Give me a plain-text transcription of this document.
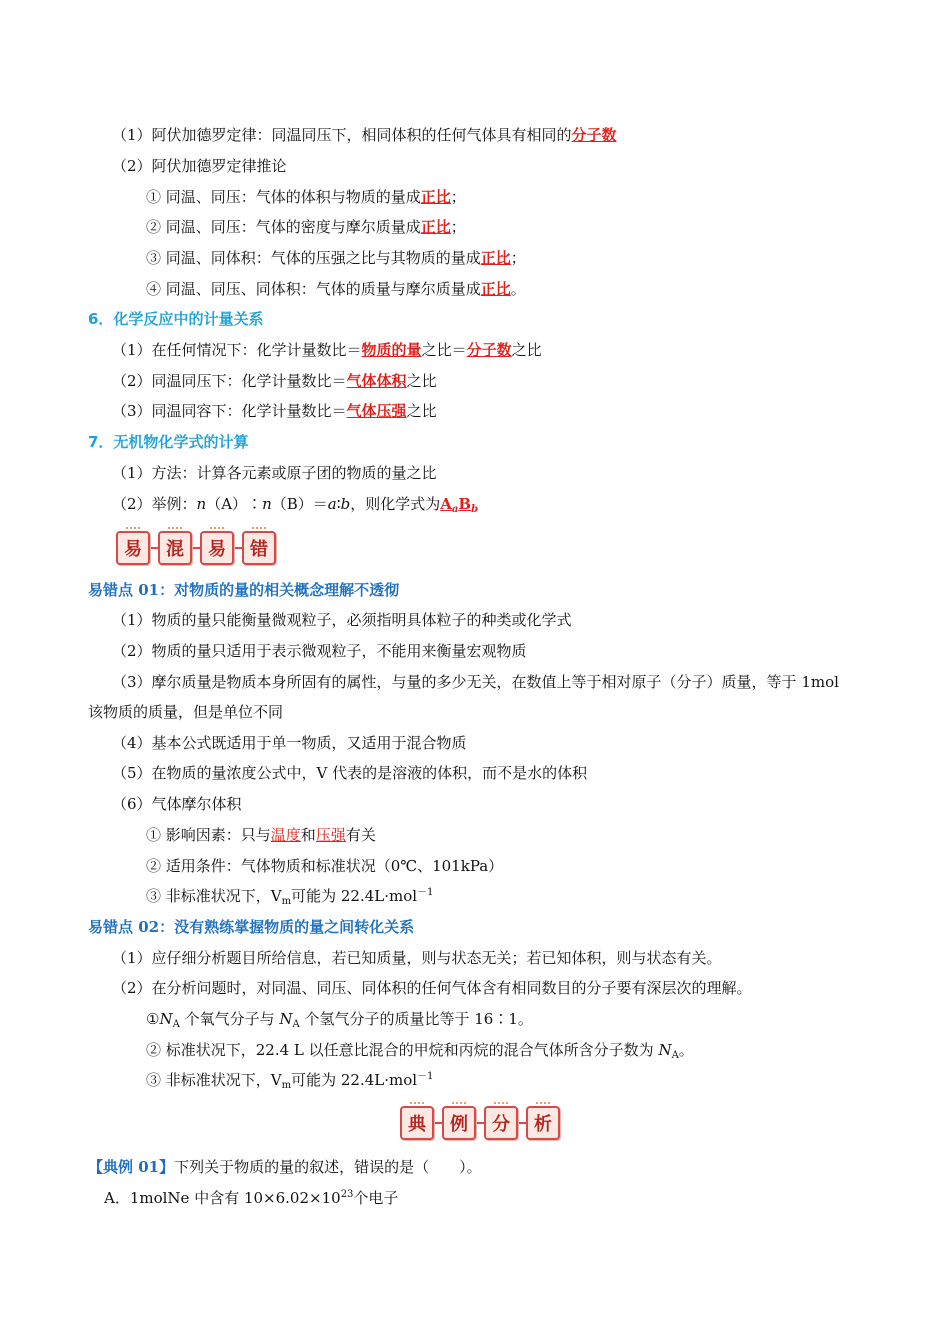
（1）阿伏加德罗定律：同温同压下，相同体积的任何气体具有相同的分子数
（2）阿伏加德罗定律推论
① 同温、同压：气体的体积与物质的量成正比；
② 同温、同压：气体的密度与摩尔质量成正比；
③ 同温、同体积：气体的压强之比与其物质的量成正比；
④ 同温、同压、同体积：气体的质量与摩尔质量成正比。
6．化学反应中的计量关系
（1）在任何情况下：化学计量数比＝物质的量之比＝分子数之比
（2）同温同压下：化学计量数比＝气体体积之比
（3）同温同容下：化学计量数比＝气体压强之比
7．无机物化学式的计算
（1）方法：计算各元素或原子团的物质的量之比
（2）举例：n（A）∶n（B）＝a∶b，则化学式为$A_aB_b$
易	混	易	错
易错点 01：对物质的量的相关概念理解不透彻
（1）物质的量只能衡量微观粒子，必须指明具体粒子的种类或化学式
（2）物质的量只适用于表示微观粒子，不能用来衡量宏观物质
（3）摩尔质量是物质本身所固有的属性，与量的多少无关，在数值上等于相对原子（分子）质量，等于 1mol 该物质的质量，但是单位不同
（4）基本公式既适用于单一物质，又适用于混合物质
（5）在物质的量浓度公式中，V 代表的是溶液的体积，而不是水的体积
（6）气体摩尔体积
① 影响因素：只与温度和压强有关
② 适用条件：气体物质和标准状况（0℃、101kPa）
③ 非标准状况下，$V_m$可能为 22.4L·mol$^{-1}$
易错点 02：没有熟练掌握物质的量之间转化关系
（1）应仔细分析题目所给信息，若已知质量，则与状态无关；若已知体积，则与状态有关。
（2）在分析问题时，对同温、同压、同体积的任何气体含有相同数目的分子要有深层次的理解。
$①N_A$ 个氧气分子与 $N_A$ 个氢气分子的质量比等于 16∶1。
② 标准状况下，22.4 L 以任意比混合的甲烷和丙烷的混合气体所含分子数为 $N_A$。
③ 非标准状况下，$V_m$可能为 22.4L·mol$^{-1}$
典	例	分	析
【典例 01】下列关于物质的量的叙述，错误的是（　　）。
A．1molNe 中含有 $10\times 6.02\times 10^{23}$个电子
